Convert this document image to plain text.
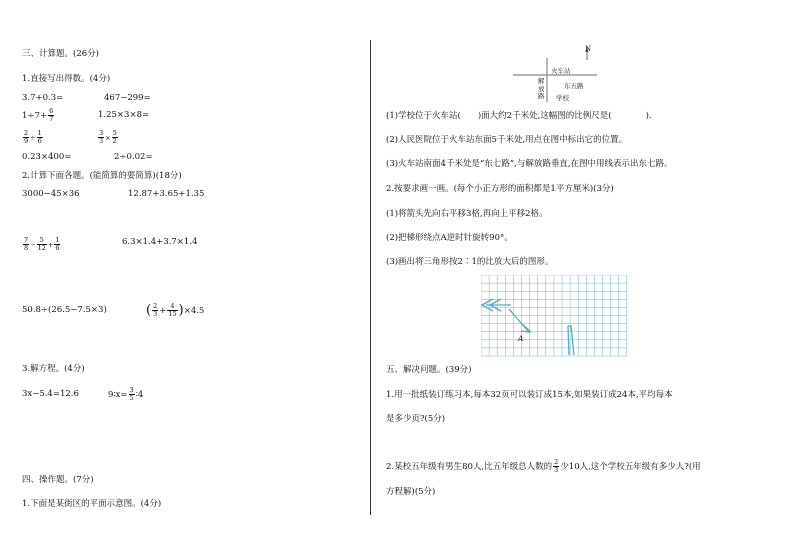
三、计算题。(26分)
1.直接写出得数。(4分)
3.7+0.3=	467−299=
$1\div 7+ \frac{6}{7}$	1.25×3×8=
$\frac{2}{9} \div \frac{1}{6}$	$\frac{3}{3} \times \frac{5}{2}$
0.23×400=	2÷0.02=
2.计算下面各题。(能简算的要简算)(18分)
3000−45×36	12.87+3.65+1.35
$\frac{7}{8} - \frac{5}{12} + \frac{1}{6}$	6.3×1.4+3.7×1.4
50.8÷(26.5−7.5×3)	( $\frac{2}{3} + \frac{4}{15} )\times 4.5$
3.解方程。(4分)
3x−5.4=12.6	9∶x= $\frac{3}{5}$ ∶4
四、操作题。(7分)
1.下面是某街区的平面示意图。(4分)
N
火车站
东五路
解放路 学校
(1)学校位于火车站(　　)面大约2千米处,这幅图的比例尺是(　　　　).
(2)人民医院位于火车站东面5千米处,用点在图中标出它的位置。
(3)火车站南面4千米处是“东七路”,与解放路垂直,在图中用线表示出东七路。
2.按要求画一画。(每个小正方形的面积都是1平方厘米)(3分)
(1)将箭头先向右平移3格,再向上平移2格。
(2)把梯形绕点A逆时针旋转90°。
(3)画出将三角形按2∶1的比放大后的图形。
A
五、解决问题。(39分)
1.用一批纸装订练习本,每本32页可以装订成15本,如果装订成24本,平均每本
是多少页?(5分)
2.某校五年级有男生80人,比五年级总人数的 $\frac{2}{3}$ 少10人,这个学校五年级有多少人?(用
方程解)(5分)
